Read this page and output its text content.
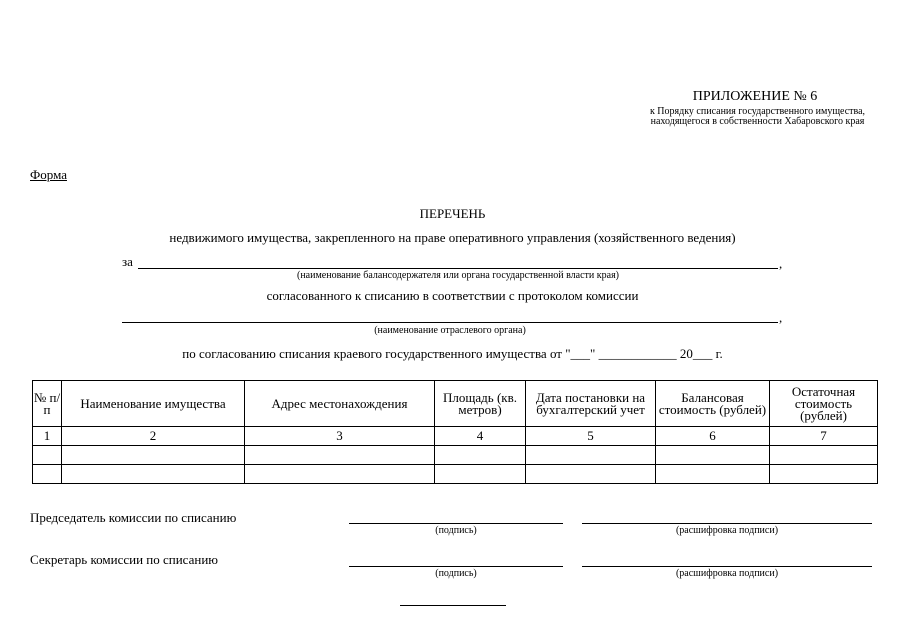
ПРИЛОЖЕНИЕ № 6
к Порядку списания государственного имущества, находящегося в собственности Хабаровского края
Форма
ПЕРЕЧЕНЬ
недвижимого имущества, закрепленного на праве оперативного управления (хозяйственного ведения)
за	,
(наименование балансодержателя или органа государственной власти края)
согласованного к списанию в соответствии с протоколом комиссии
,
(наименование отраслевого органа)
по согласованию списания краевого государственного имущества от "___" ____________ 20___ г.
№ п/п	Наименование имущества	Адрес местонахождения	Площадь (кв. метров)	Дата постановки на бухгалтерский учет	Балансовая стоимость (рублей)	Остаточная стоимость (рублей)
1	2	3	4	5	6	7

Председатель комиссии по списанию
(подпись)	(расшифровка подписи)
Секретарь комиссии по списанию
(подпись)	(расшифровка подписи)
